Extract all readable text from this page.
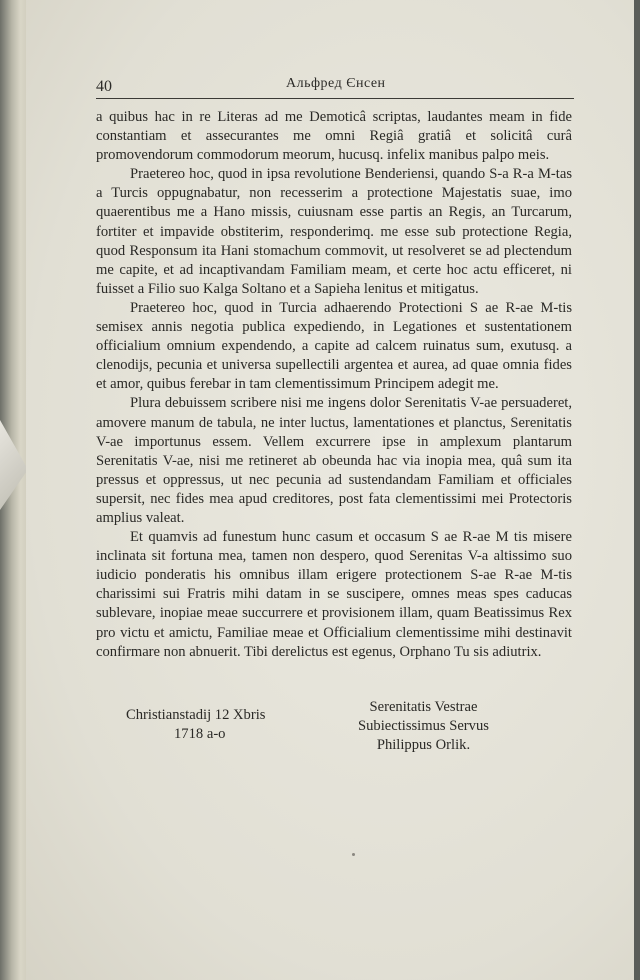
40	Альфред Єнсен

a quibus hac in re Literas ad me Demoticâ scriptas, laudantes meam in fide constantiam et assecurantes me omni Regiâ gratiâ et solicitâ curâ promovendorum commodorum meorum, hucusq. infelix manibus palpo meis.

Praetereo hoc, quod in ipsa revolutione Benderiensi, quando S-a R-a M-tas a Turcis oppugnabatur, non recesserim a protectione Majestatis suae, imo quaerentibus me a Hano missis, cuiusnam esse partis an Regis, an Turcarum, fortiter et impavide obstiterim, responderimq. me esse sub protectione Regia, quod Responsum ita Hani stomachum commovit, ut resolveret se ad plectendum me capite, et ad incaptivandam Familiam meam, et certe hoc actu efficeret, ni fuisset a Filio suo Kalga Soltano et a Sapieha lenitus et mitigatus.

Praetereo hoc, quod in Turcia adhaerendo Protectioni S ae R-ae M-tis semisex annis negotia publica expediendo, in Legationes et sustentationem officialium omnium expendendo, a capite ad calcem ruinatus sum, exutusq. a clenodijs, pecunia et universa supellectili argentea et aurea, ad quae omnia fides et amor, quibus ferebar in tam clementissimum Principem adegit me.

Plura debuissem scribere nisi me ingens dolor Serenitatis V-ae persuaderet, amovere manum de tabula, ne inter luctus, lamentationes et planctus, Serenitatis V-ae importunus essem. Vellem excurrere ipse in amplexum plantarum Serenitatis V-ae, nisi me retineret ab obeunda hac via inopia mea, quâ sum ita pressus et oppressus, ut nec pecunia ad sustendandam Familiam et officiales supersit, nec fides mea apud creditores, post fata clementissimi mei Protectoris amplius valeat.

Et quamvis ad funestum hunc casum et occasum S ae R-ae M tis misere inclinata sit fortuna mea, tamen non despero, quod Serenitas V-a altissimo suo iudicio ponderatis his omnibus illam erigere protectionem S-ae R-ae M-tis charissimi sui Fratris mihi datam in se suscipere, omnes meas spes caducas sublevare, inopiae meae succurrere et provisionem illam, quam Beatissimus Rex pro victu et amictu, Familiae meae et Officialium clementissime mihi destinavit confirmare non abnuerit. Tibi derelictus est egenus, Orphano Tu sis adiutrix.

Christianstadij 12 Xbris
1718 a-o
Serenitatis Vestrae
Subiectissimus Servus
Philippus Orlik.
